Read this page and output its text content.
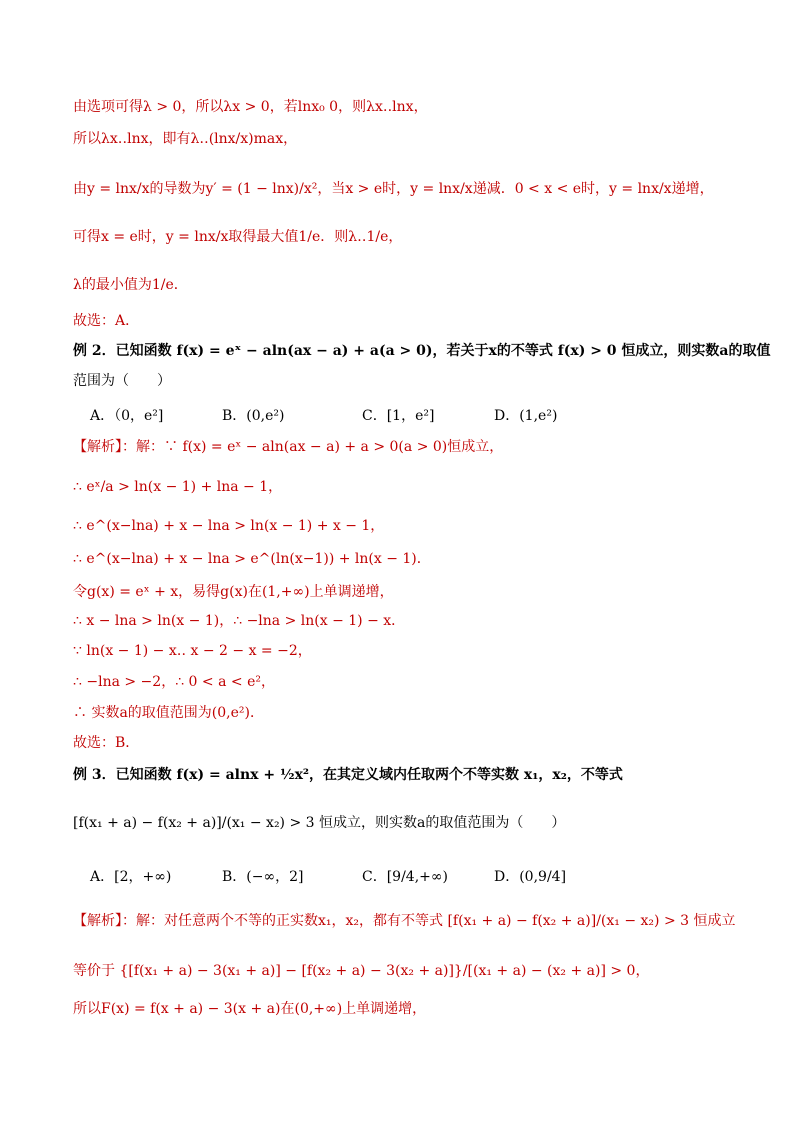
由选项可得λ > 0，所以λx > 0，若lnx₀ 0，则λx‥lnx，
所以λx‥lnx，即有λ‥(lnx/x)max，
由y = lnx/x的导数为y′ = (1 − lnx)/x²，当x > e时，y = lnx/x递减．0 < x < e时，y = lnx/x递增，
可得x = e时，y = lnx/x取得最大值1/e．则λ‥1/e，
λ的最小值为1/e．
故选：A．
例 2．已知函数 f(x) = eˣ − aln(ax − a) + a(a > 0)，若关于x的不等式 f(x) > 0 恒成立，则实数a的取值
范围为（　　）
A．（0，e²]	B．(0,e²)	C．[1，e²]	D．(1,e²)
【解析】：解：∵ f(x) = eˣ − aln(ax − a) + a > 0(a > 0)恒成立，
∴ eˣ/a > ln(x − 1) + lna − 1，
∴ e^(x−lna) + x − lna > ln(x − 1) + x − 1，
∴ e^(x−lna) + x − lna > e^(ln(x−1)) + ln(x − 1)．
令g(x) = eˣ + x，易得g(x)在(1,+∞)上单调递增，
∴ x − lna > ln(x − 1)，∴ −lna > ln(x − 1) − x．
∵ ln(x − 1) − x‥ x − 2 − x = −2，
∴ −lna > −2，∴ 0 < a < e²，
∴ 实数a的取值范围为(0,e²)．
故选：B．
例 3．已知函数 f(x) = alnx + ½x²，在其定义域内任取两个不等实数 x₁，x₂，不等式
[f(x₁ + a) − f(x₂ + a)]/(x₁ − x₂) > 3 恒成立，则实数a的取值范围为（　　）
A．[2，+∞)	B．(−∞，2]	C．[9/4,+∞)	D．(0,9/4]
【解析】：解：对任意两个不等的正实数x₁，x₂，都有不等式 [f(x₁ + a) − f(x₂ + a)]/(x₁ − x₂) > 3 恒成立
等价于 {[f(x₁ + a) − 3(x₁ + a)] − [f(x₂ + a) − 3(x₂ + a)]}/[(x₁ + a) − (x₂ + a)] > 0，
所以F(x) = f(x + a) − 3(x + a)在(0,+∞)上单调递增，
